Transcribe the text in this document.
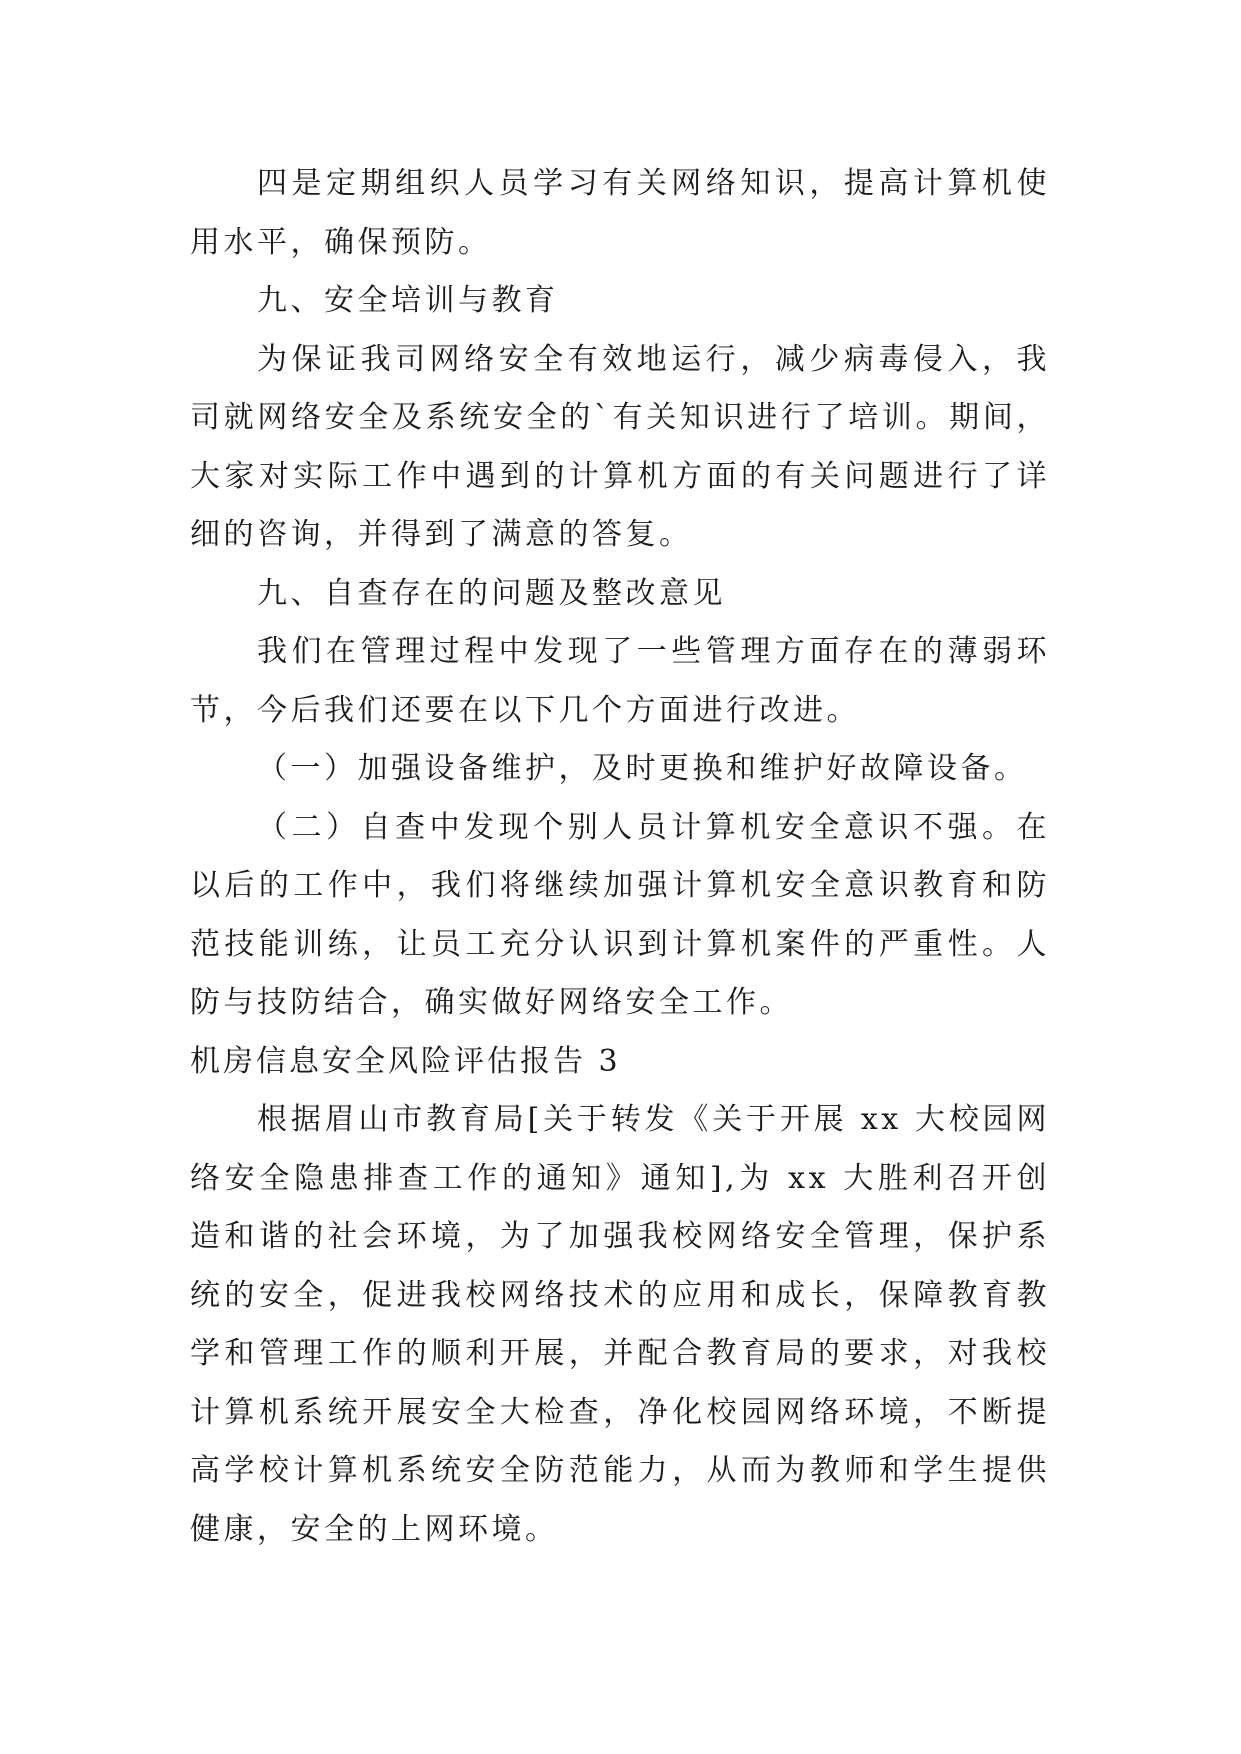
四是定期组织人员学习有关网络知识，提高计算机使用水平，确保预防。

九、安全培训与教育

为保证我司网络安全有效地运行，减少病毒侵入，我司就网络安全及系统安全的`有关知识进行了培训。期间，大家对实际工作中遇到的计算机方面的有关问题进行了详细的咨询，并得到了满意的答复。

九、自查存在的问题及整改意见

我们在管理过程中发现了一些管理方面存在的薄弱环节，今后我们还要在以下几个方面进行改进。

（一）加强设备维护，及时更换和维护好故障设备。

（二）自查中发现个别人员计算机安全意识不强。在以后的工作中，我们将继续加强计算机安全意识教育和防范技能训练，让员工充分认识到计算机案件的严重性。人防与技防结合，确实做好网络安全工作。

机房信息安全风险评估报告 3

根据眉山市教育局[关于转发《关于开展 xx 大校园网络安全隐患排查工作的通知》通知],为 xx 大胜利召开创造和谐的社会环境，为了加强我校网络安全管理，保护系统的安全，促进我校网络技术的应用和成长，保障教育教学和管理工作的顺利开展，并配合教育局的要求，对我校计算机系统开展安全大检查，净化校园网络环境，不断提高学校计算机系统安全防范能力，从而为教师和学生提供健康，安全的上网环境。
